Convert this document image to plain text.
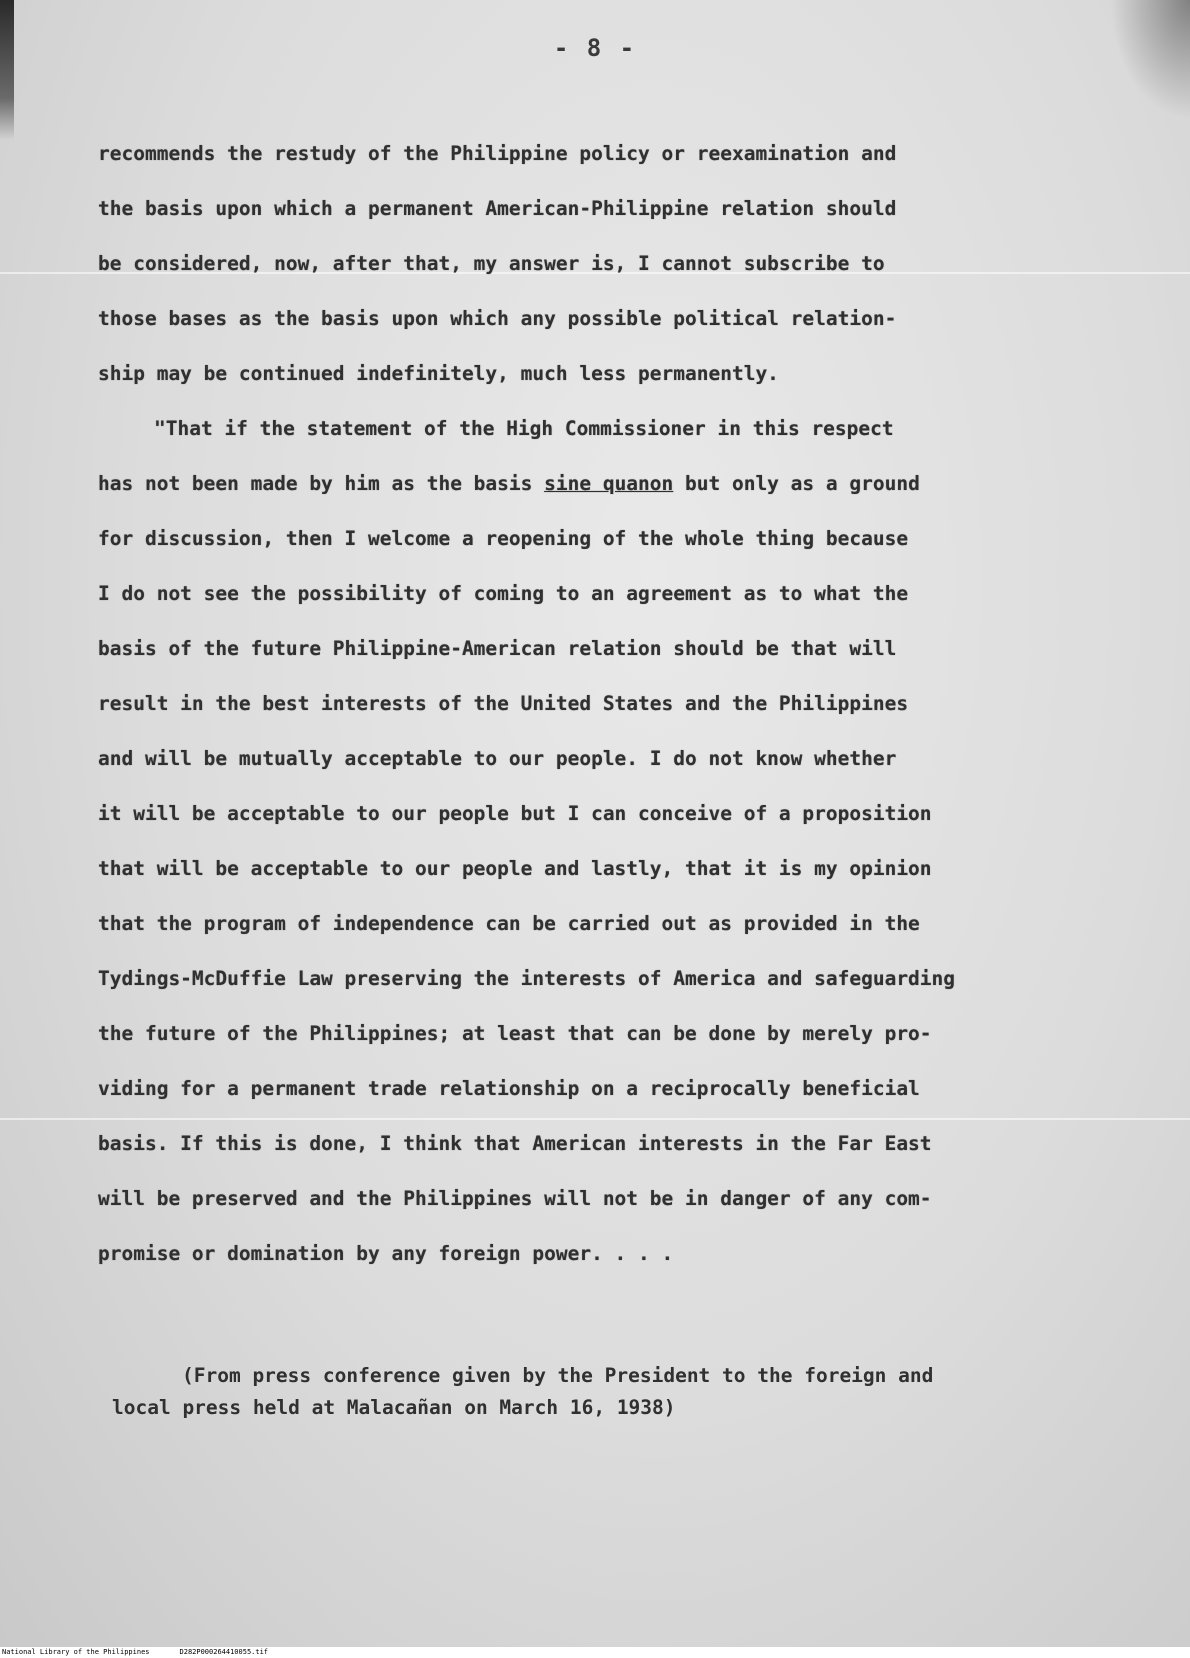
- 8 -
recommends the restudy of the Philippine policy or reexamination and
the basis upon which a permanent American-Philippine relation should
be considered, now, after that, my answer is, I cannot subscribe to
those bases as the basis upon which any possible political relation-
ship may be continued indefinitely, much less permanently.
"That if the statement of the High Commissioner in this respect
has not been made by him as the basis sine quanon but only as a ground
for discussion, then I welcome a reopening of the whole thing because
I do not see the possibility of coming to an agreement as to what the
basis of the future Philippine-American relation should be that will
result in the best interests of the United States and the Philippines
and will be mutually acceptable to our people. I do not know whether
it will be acceptable to our people but I can conceive of a proposition
that will be acceptable to our people and lastly, that it is my opinion
that the program of independence can be carried out as provided in the
Tydings-McDuffie Law preserving the interests of America and safeguarding
the future of the Philippines; at least that can be done by merely pro-
viding for a permanent trade relationship on a reciprocally beneficial
basis. If this is done, I think that American interests in the Far East
will be preserved and the Philippines will not be in danger of any com-
promise or domination by any foreign power. . . .
(From press conference given by the President to the foreign and
local press held at Malacañan on March 16, 1938)
National Library of the Philippines	D282P000264410055.tif
